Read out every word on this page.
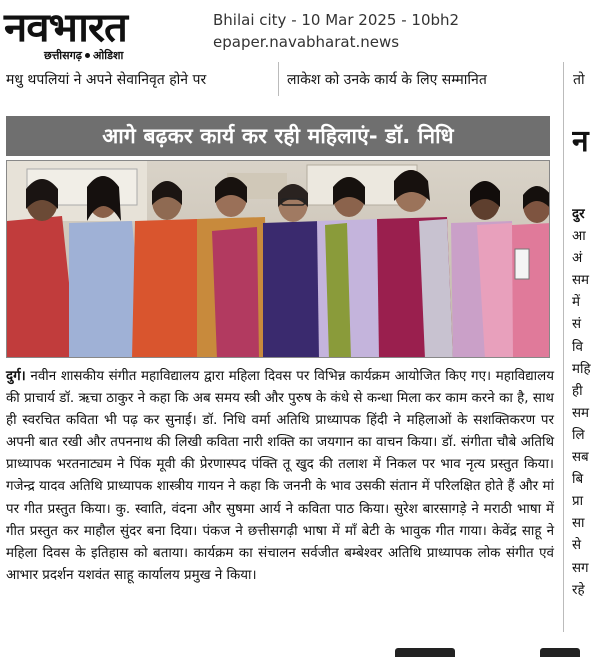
नवभारत
छत्तीसगढ़ ओडिशा
Bhilai city - 10 Mar 2025 - 10bh2
epaper.navabharat.news
मधु थपलियां ने अपने सेवानिवृत होने पर	लाकेश को उनके कार्य के लिए सम्मानित	तो
आगे बढ़कर कार्य कर रही महिलाएं- डॉ. निधि
दुर्ग। नवीन शासकीय संगीत महाविद्यालय द्वारा महिला दिवस पर विभिन्न कार्यक्रम आयोजित किए गए। महाविद्यालय की प्राचार्य डॉ. ऋचा ठाकुर ने कहा कि अब समय स्त्री और पुरुष के कंधे से कन्धा मिला कर काम करने का है, साथ ही स्वरचित कविता भी पढ़ कर सुनाई। डॉ. निधि वर्मा अतिथि प्राध्यापक हिंदी ने महिलाओं के सशक्तिकरण पर अपनी बात रखी और तपननाथ की लिखी कविता नारी शक्ति का जयगान का वाचन किया। डॉ. संगीता चौबे अतिथि प्राध्यापक भरतनाट्यम ने पिंक मूवी की प्रेरणास्पद पंक्ति तू खुद की तलाश में निकल पर भाव नृत्य प्रस्तुत किया। गजेन्द्र यादव अतिथि प्राध्यापक शास्त्रीय गायन ने कहा कि जननी के भाव उसकी संतान में परिलक्षित होते हैं और मां पर गीत प्रस्तुत किया। कु. स्वाति, वंदना और सुषमा आर्य ने कविता पाठ किया। सुरेश बारसागड़े ने मराठी भाषा में गीत प्रस्तुत कर माहौल सुंदर बना दिया। पंकज ने छत्तीसगढ़ी भाषा में माँ बेटी के भावुक गीत गाया। केवेंद्र साहू ने महिला दिवस के इतिहास को बताया। कार्यक्रम का संचालन सर्वजीत बम्बेश्वर अतिथि प्राध्यापक लोक संगीत एवं आभार प्रदर्शन यशवंत साहू कार्यालय प्रमुख ने किया।
न
दुर
आ
अं
सम
में
सं
वि
महि
ही
सम
लि
सब
बि
प्रा
सा
से
सग
रहे
